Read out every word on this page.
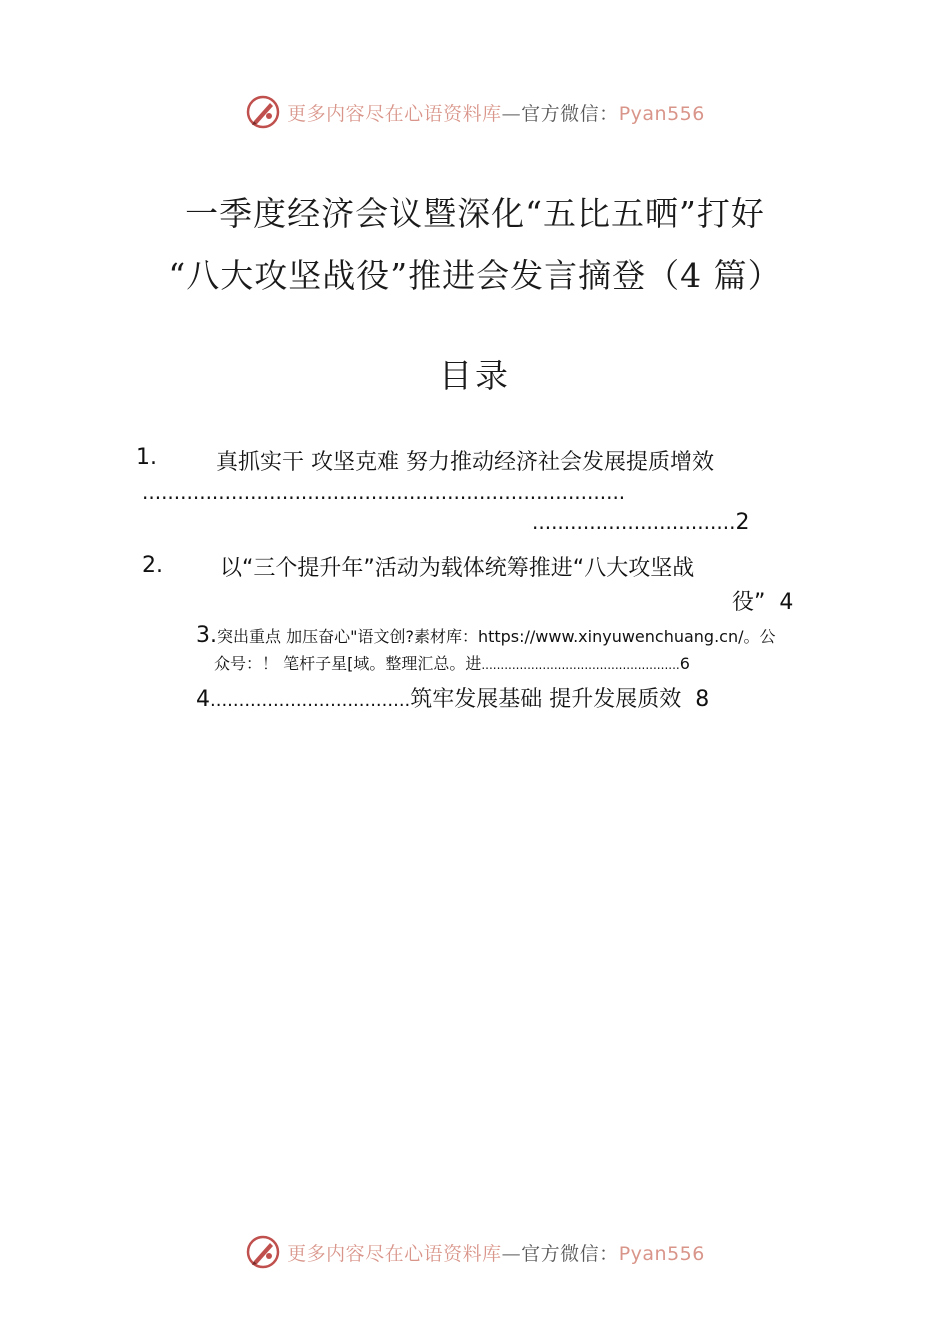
更多内容尽在心语资料库—官方微信：Pyan556
一季度经济会议暨深化“五比五晒”打好
“八大攻坚战役”推进会发言摘登（4 篇）
目录
1.	真抓实干 攻坚克难 努力推动经济社会发展提质增效
............................................................................
................................2
2.	以“三个提升年”活动为载体统筹推进“八大攻坚战
役” 4
3.突出重点 加压奋心"语文创?素材库：https://www.xinyuwenchuang.cn/。公
众号：！ 笔杆子星[域。整理汇总。进....................................................6
4...................................筑牢发展基础 提升发展质效 8
更多内容尽在心语资料库—官方微信：Pyan556
